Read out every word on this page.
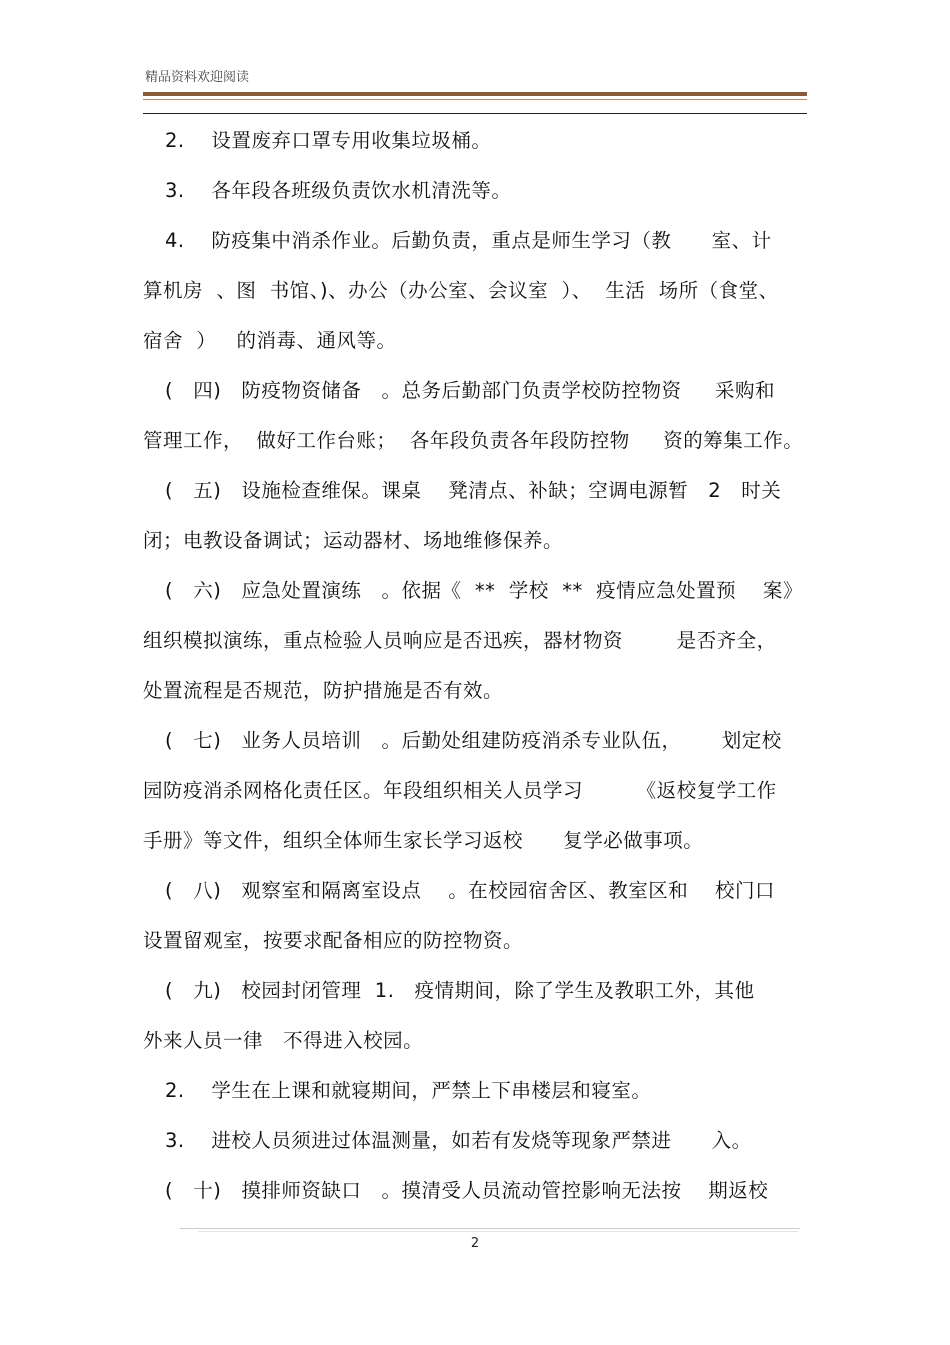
精品资料欢迎阅读
2.    设置废弃口罩专用收集垃圾桶。
3.    各年段各班级负责饮水机清洗等。
4.    防疫集中消杀作业。后勤负责，重点是师生学习（教      室、计
算机房  、图  书馆、)、办公（办公室、会议室  ）、  生活  场所（食堂、
宿舍  ）   的消毒、通风等。
(   四)   防疫物资储备   。总务后勤部门负责学校防控物资     采购和
管理工作，  做好工作台账；  各年段负责各年段防控物     资的筹集工作。
(   五)   设施检查维保。课桌    凳清点、补缺；空调电源暂   2   时关
闭；电教设备调试；运动器材、场地维修保养。
(   六)   应急处置演练   。依据《  **  学校  **  疫情应急处置预    案》
组织模拟演练，重点检验人员响应是否迅疾，器材物资        是否齐全，
处置流程是否规范，防护措施是否有效。
(   七)   业务人员培训   。后勤处组建防疫消杀专业队伍，      划定校
园防疫消杀网格化责任区。年段组织相关人员学习        《返校复学工作
手册》等文件，组织全体师生家长学习返校      复学必做事项。
(   八)   观察室和隔离室设点    。在校园宿舍区、教室区和    校门口
设置留观室，按要求配备相应的防控物资。
(   九)   校园封闭管理  1.   疫情期间，除了学生及教职工外，其他
外来人员一律   不得进入校园。
2.    学生在上课和就寝期间，严禁上下串楼层和寝室。
3.    进校人员须进过体温测量，如若有发烧等现象严禁进      入。
(   十)   摸排师资缺口   。摸清受人员流动管控影响无法按    期返校
2
